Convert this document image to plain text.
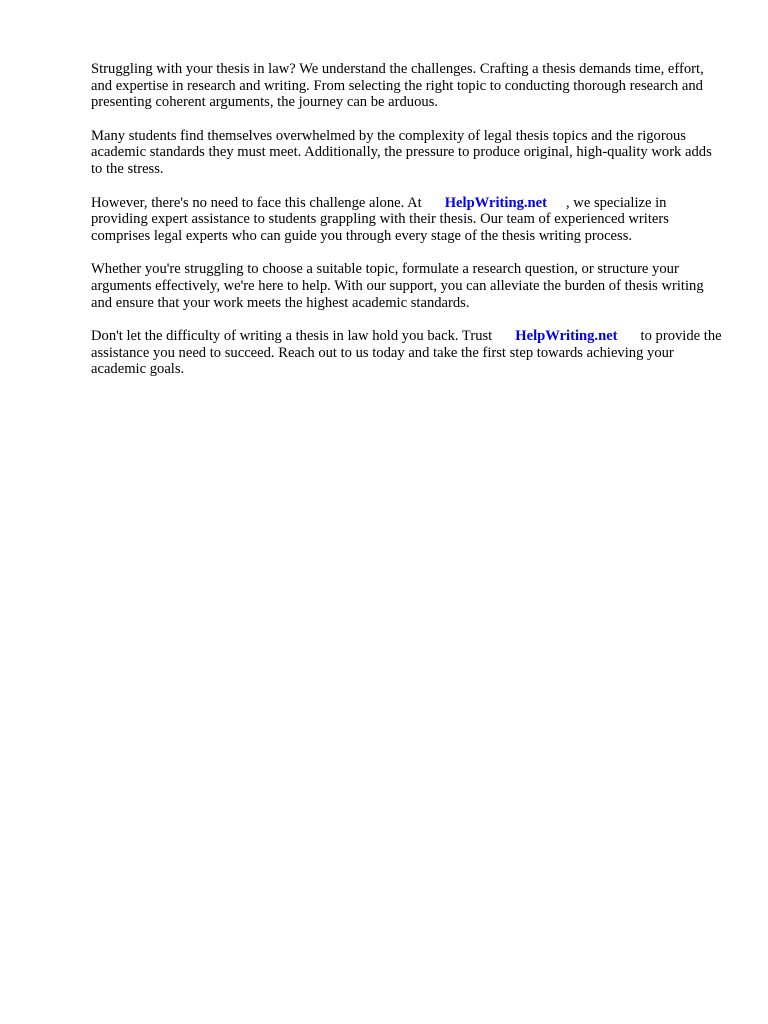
Struggling with your thesis in law? We understand the challenges. Crafting a thesis demands time, effort, and expertise in research and writing. From selecting the right topic to conducting thorough research and presenting coherent arguments, the journey can be arduous.

Many students find themselves overwhelmed by the complexity of legal thesis topics and the rigorous academic standards they must meet. Additionally, the pressure to produce original, high-quality work adds to the stress.

However, there's no need to face this challenge alone. At HelpWriting.net , we specialize in providing expert assistance to students grappling with their thesis. Our team of experienced writers comprises legal experts who can guide you through every stage of the thesis writing process.

Whether you're struggling to choose a suitable topic, formulate a research question, or structure your arguments effectively, we're here to help. With our support, you can alleviate the burden of thesis writing and ensure that your work meets the highest academic standards.

Don't let the difficulty of writing a thesis in law hold you back. Trust HelpWriting.net to provide the assistance you need to succeed. Reach out to us today and take the first step towards achieving your academic goals.
